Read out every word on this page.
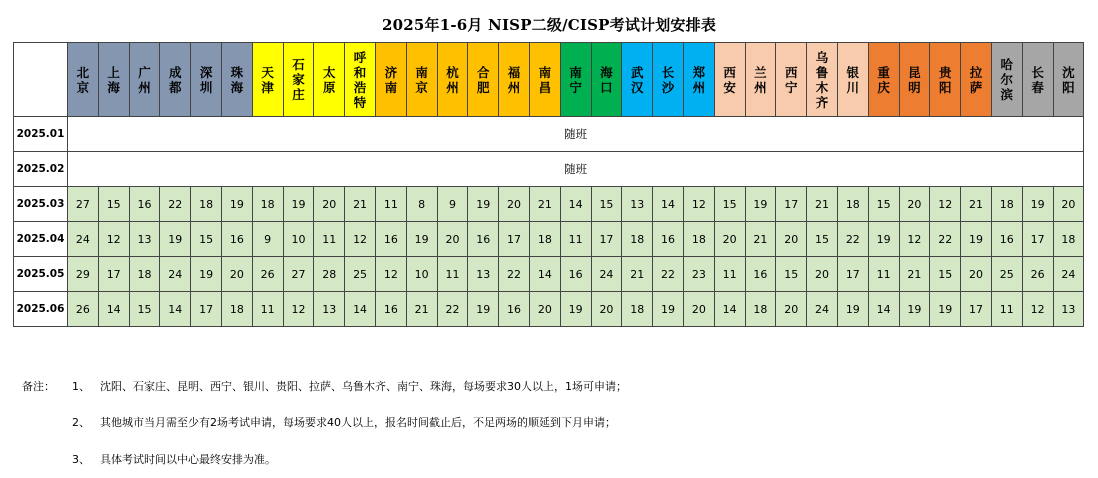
2025年1-6月 NISP二级/CISP考试计划安排表
	北京	上海	广州	成都	深圳	珠海	天津	石家庄	太原	呼和浩特	济南	南京	杭州	合肥	福州	南昌	南宁	海口	武汉	长沙	郑州	西安	兰州	西宁	乌鲁木齐	银川	重庆	昆明	贵阳	拉萨	哈尔滨	长春	沈阳
2025.01	随班																																
2025.02	随班																																
2025.03	27	15	16	22	18	19	18	19	20	21	11	8	9	19	20	21	14	15	13	14	12	15	19	17	21	18	15	20	12	21	18	19	20
2025.04	24	12	13	19	15	16	9	10	11	12	16	19	20	16	17	18	11	17	18	16	18	20	21	20	15	22	19	12	22	19	16	17	18
2025.05	29	17	18	24	19	20	26	27	28	25	12	10	11	13	22	14	16	24	21	22	23	11	16	15	20	17	11	21	15	20	25	26	24
2025.06	26	14	15	14	17	18	11	12	13	14	16	21	22	19	16	20	19	20	18	19	20	14	18	20	24	19	14	19	19	17	11	12	13
备注：	1、 沈阳、石家庄、昆明、西宁、银川、贵阳、拉萨、乌鲁木齐、南宁、珠海，每场要求30人以上，1场可申请；
2、 其他城市当月需至少有2场考试申请，每场要求40人以上，报名时间截止后，不足两场的顺延到下月申请；
3、 具体考试时间以中心最终安排为准。
